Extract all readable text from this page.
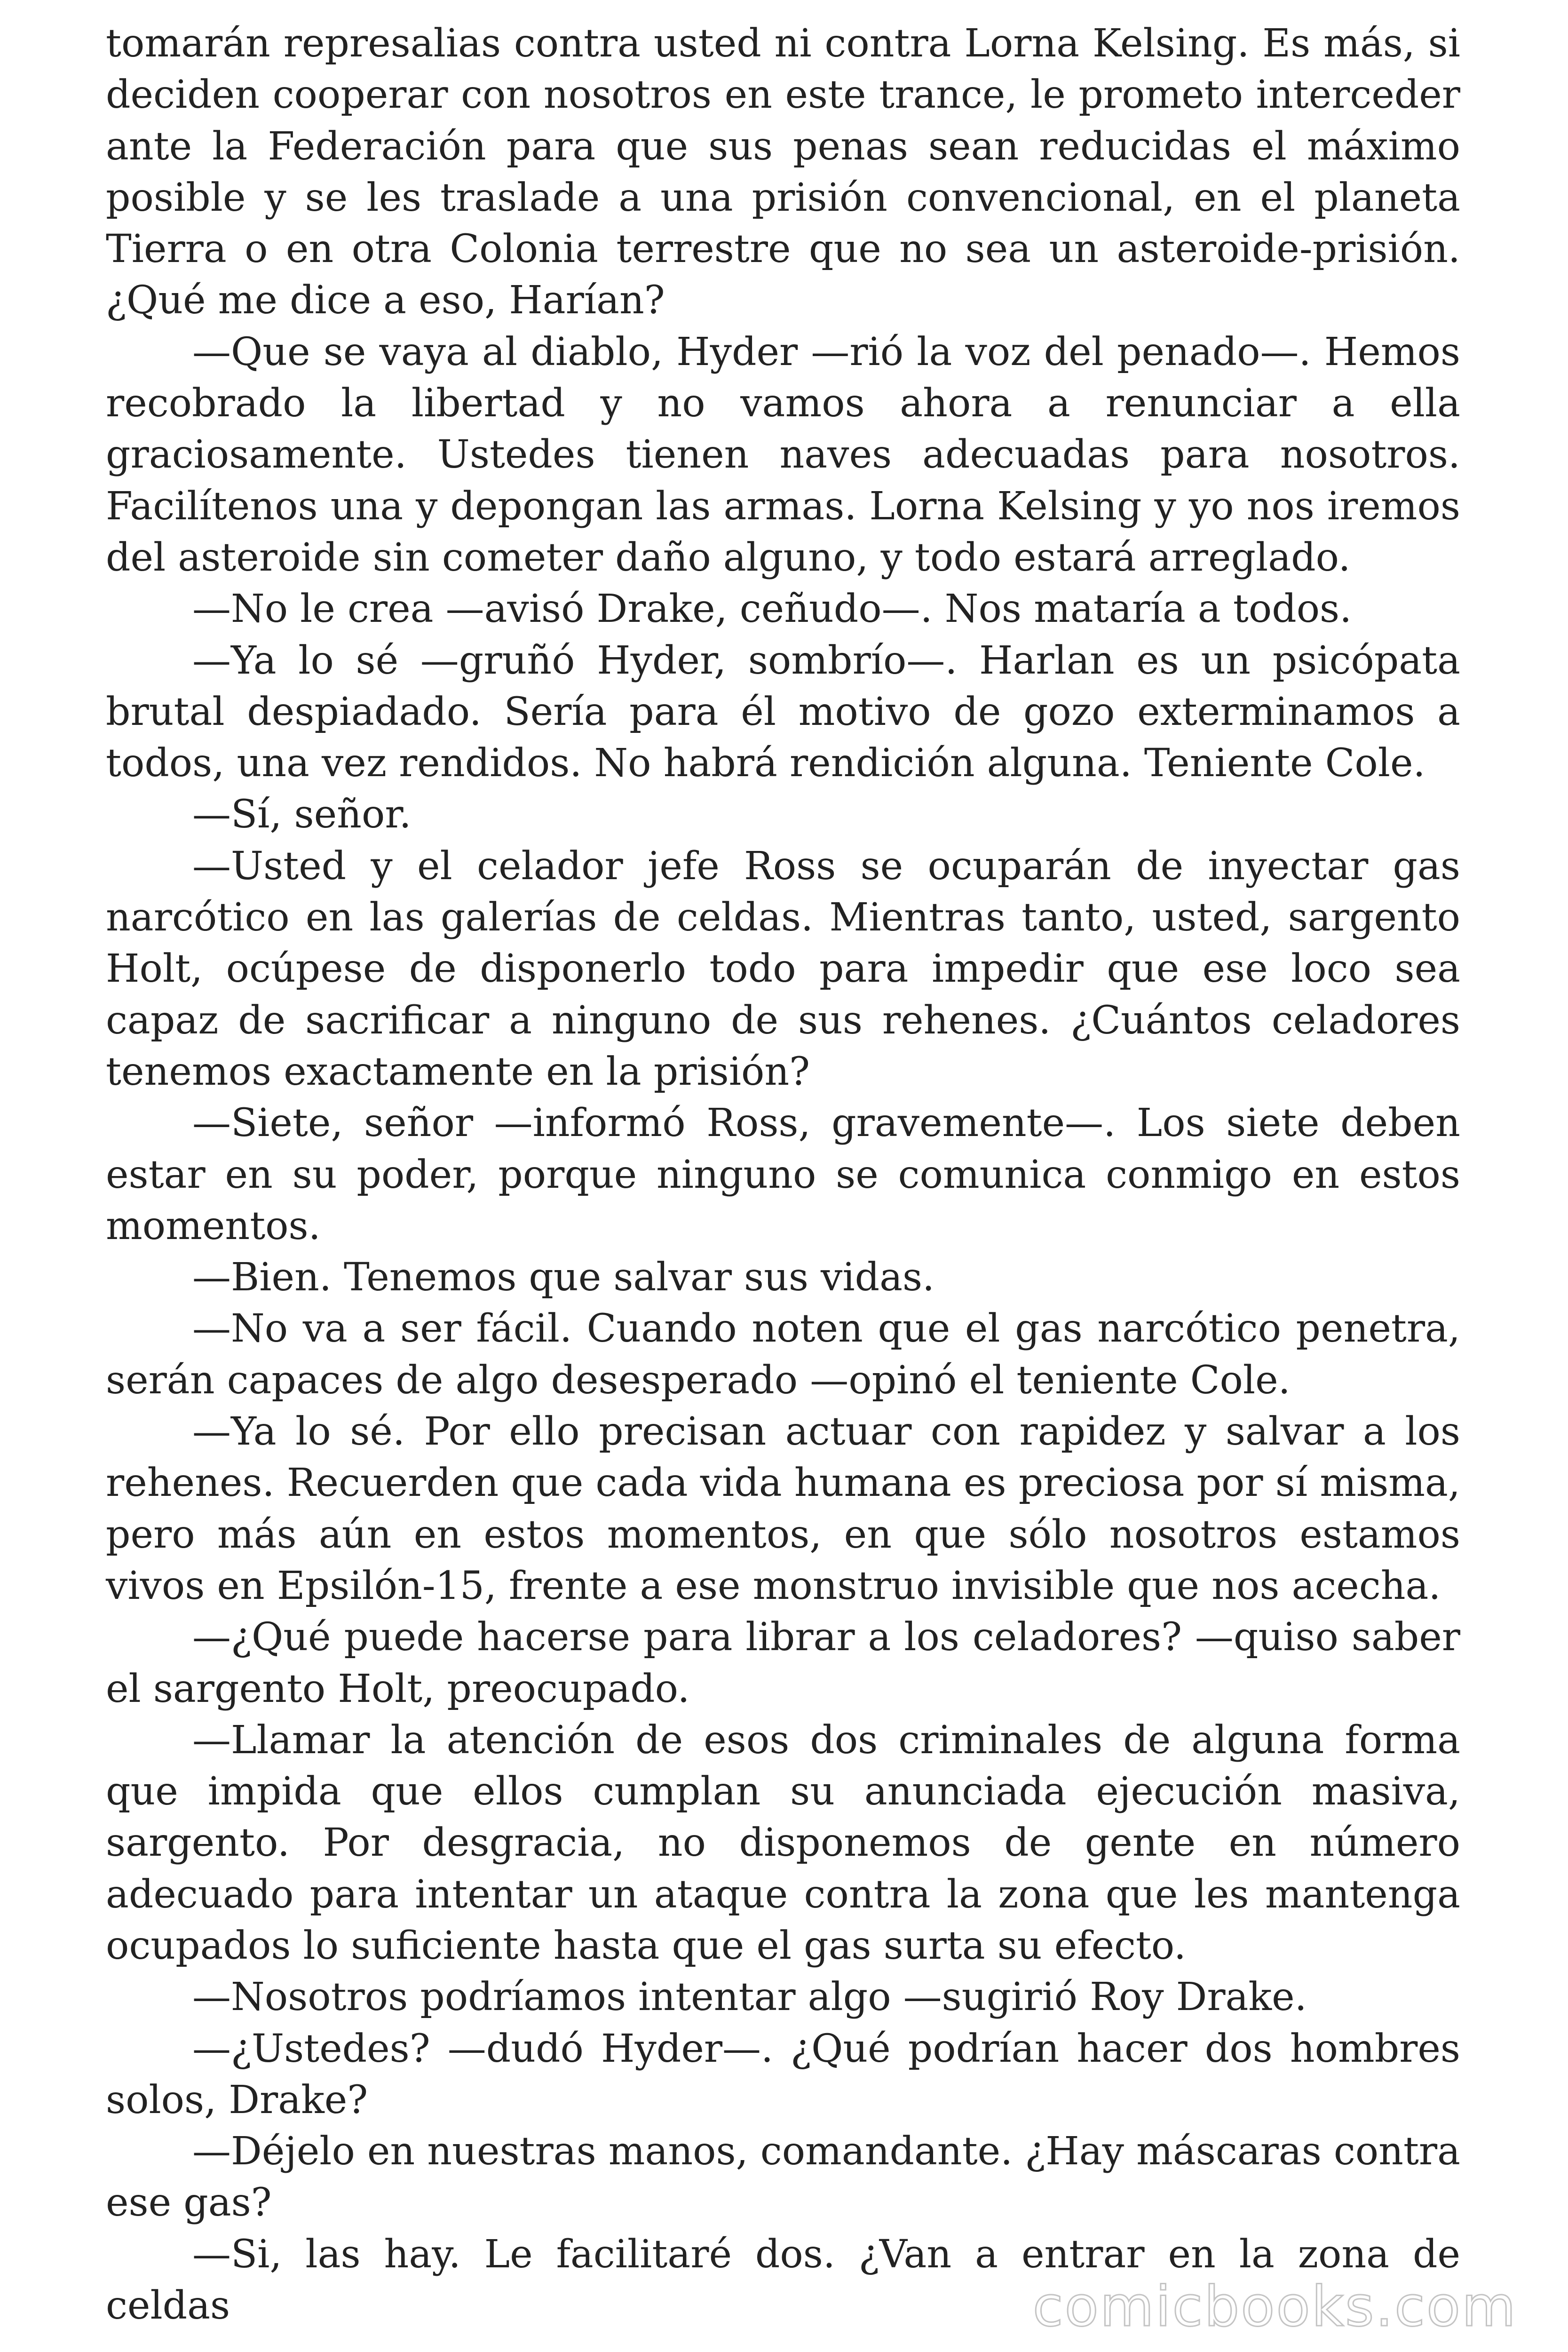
tomarán represalias contra usted ni contra Lorna Kelsing. Es más, si deciden cooperar con nosotros en este trance, le prometo interceder ante la Federación para que sus penas sean reducidas el máximo posible y se les traslade a una prisión convencional, en el planeta Tierra o en otra Colonia terrestre que no sea un asteroide-prisión. ¿Qué me dice a eso, Harían?

—Que se vaya al diablo, Hyder —rió la voz del penado—. Hemos recobrado la libertad y no vamos ahora a renunciar a ella graciosamente. Ustedes tienen naves adecuadas para nosotros. Facilítenos una y depongan las armas. Lorna Kelsing y yo nos iremos del asteroide sin cometer daño alguno, y todo estará arreglado.

—No le crea —avisó Drake, ceñudo—. Nos mataría a todos.

—Ya lo sé —gruñó Hyder, sombrío—. Harlan es un psicópata brutal despiadado. Sería para él motivo de gozo exterminamos a todos, una vez rendidos. No habrá rendición alguna. Teniente Cole.

—Sí, señor.

—Usted y el celador jefe Ross se ocuparán de inyectar gas narcótico en las galerías de celdas. Mientras tanto, usted, sargento Holt, ocúpese de disponerlo todo para impedir que ese loco sea capaz de sacrificar a ninguno de sus rehenes. ¿Cuántos celadores tenemos exactamente en la prisión?

—Siete, señor —informó Ross, gravemente—. Los siete deben estar en su poder, porque ninguno se comunica conmigo en estos momentos.

—Bien. Tenemos que salvar sus vidas.

—No va a ser fácil. Cuando noten que el gas narcótico penetra, serán capaces de algo desesperado —opinó el teniente Cole.

—Ya lo sé. Por ello precisan actuar con rapidez y salvar a los rehenes. Recuerden que cada vida humana es preciosa por sí misma, pero más aún en estos momentos, en que sólo nosotros estamos vivos en Epsilón-15, frente a ese monstruo invisible que nos acecha.

—¿Qué puede hacerse para librar a los celadores? —quiso saber el sargento Holt, preocupado.

—Llamar la atención de esos dos criminales de alguna forma que impida que ellos cumplan su anunciada ejecución masiva, sargento. Por desgracia, no disponemos de gente en número adecuado para intentar un ataque contra la zona que les mantenga ocupados lo suficiente hasta que el gas surta su efecto.

—Nosotros podríamos intentar algo —sugirió Roy Drake.

—¿Ustedes? —dudó Hyder—. ¿Qué podrían hacer dos hombres solos, Drake?

—Déjelo en nuestras manos, comandante. ¿Hay máscaras contra ese gas?

—Si, las hay. Le facilitaré dos. ¿Van a entrar en la zona de celdas	comicbooks.com
